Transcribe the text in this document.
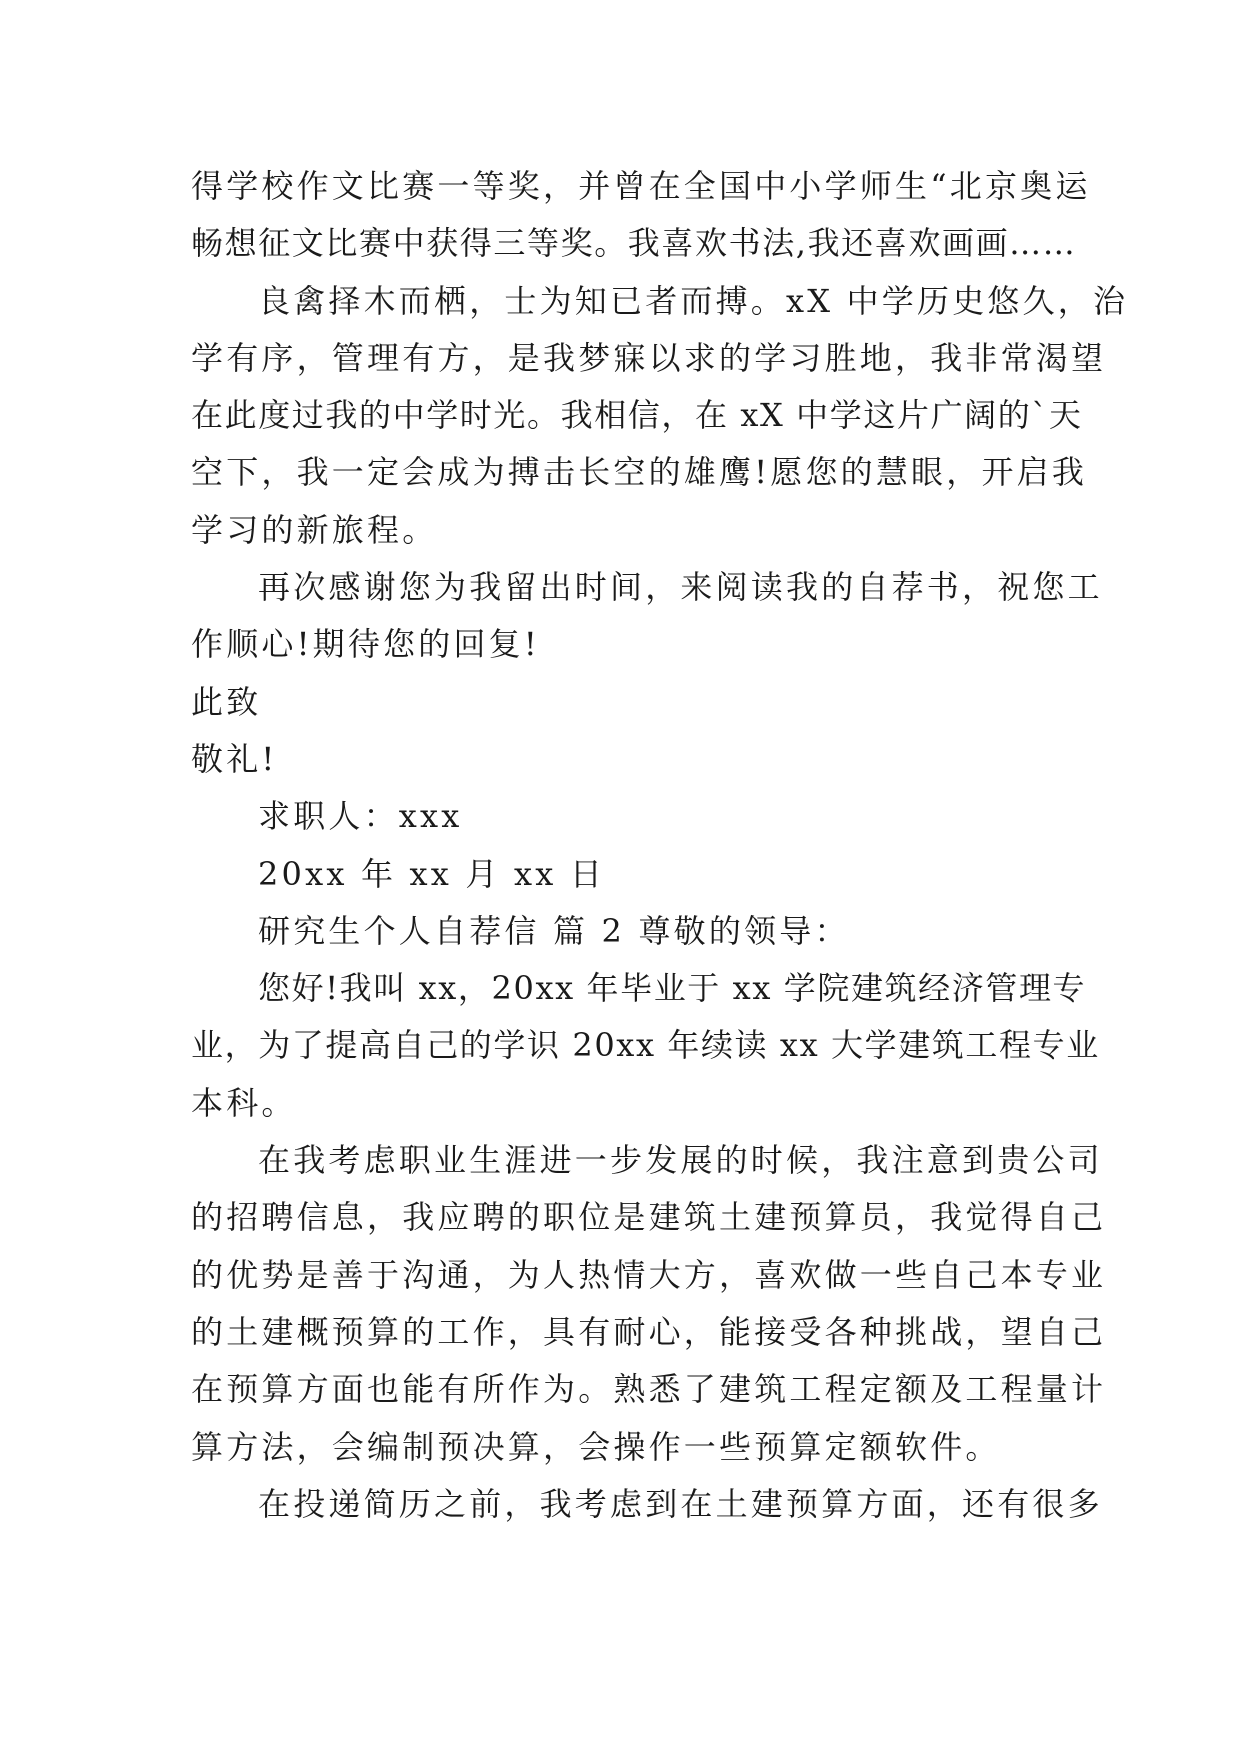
得学校作文比赛一等奖，并曾在全国中小学师生“北京奥运
畅想征文比赛中获得三等奖。我喜欢书法,我还喜欢画画……
良禽择木而栖，士为知已者而搏。xX 中学历史悠久，治
学有序，管理有方，是我梦寐以求的学习胜地，我非常渴望
在此度过我的中学时光。我相信，在 xX 中学这片广阔的`天
空下，我一定会成为搏击长空的雄鹰!愿您的慧眼，开启我
学习的新旅程。
再次感谢您为我留出时间，来阅读我的自荐书，祝您工
作顺心!期待您的回复!
此致
敬礼!
求职人：xxx
20xx 年 xx 月 xx 日
研究生个人自荐信 篇 2 尊敬的领导：
您好!我叫 xx，20xx 年毕业于 xx 学院建筑经济管理专
业，为了提高自己的学识 20xx 年续读 xx 大学建筑工程专业
本科。
在我考虑职业生涯进一步发展的时候，我注意到贵公司
的招聘信息，我应聘的职位是建筑土建预算员，我觉得自己
的优势是善于沟通，为人热情大方，喜欢做一些自己本专业
的土建概预算的工作，具有耐心，能接受各种挑战，望自己
在预算方面也能有所作为。熟悉了建筑工程定额及工程量计
算方法，会编制预决算，会操作一些预算定额软件。
在投递简历之前，我考虑到在土建预算方面，还有很多
